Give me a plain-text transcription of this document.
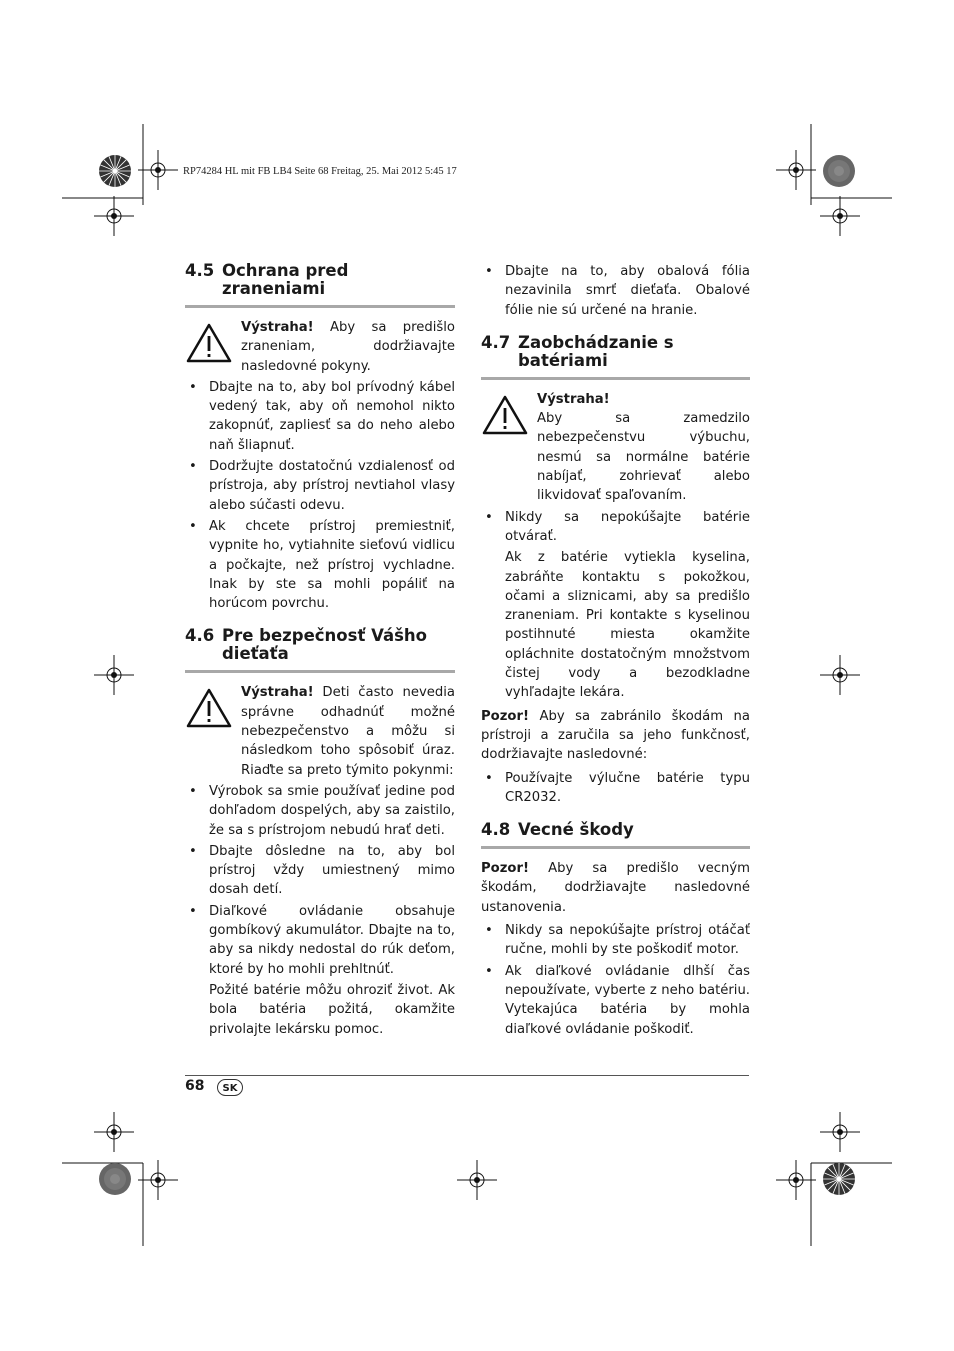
RP74284 HL mit FB LB4 Seite 68 Freitag, 25. Mai 2012 5:45 17
4.5 Ochrana pred zraneniami
Výstraha! Aby sa predišlo zraneniam, dodržiavajte nasledovné pokyny.
• Dbajte na to, aby bol prívodný kábel vedený tak, aby oň nemohol nikto zakopnúť, zapliesť sa do neho alebo naň šliapnuť.
• Dodržujte dostatočnú vzdialenosť od prístroja, aby prístroj nevtiahol vlasy alebo súčasti odevu.
• Ak chcete prístroj premiestniť, vypnite ho, vytiahnite sieťovú vidlicu a počkajte, než prístroj vychladne. Inak by ste sa mohli popáliť na horúcom povrchu.
4.6 Pre bezpečnosť Vášho dieťaťa
Výstraha! Deti často nevedia správne odhadnúť možné nebezpečenstvo a môžu si následkom toho spôsobiť úraz. Riaďte sa preto týmito pokynmi:
• Výrobok sa smie používať jedine pod dohľadom dospelých, aby sa zaistilo, že sa s prístrojom nebudú hrať deti.
• Dbajte dôsledne na to, aby bol prístroj vždy umiestnený mimo dosah detí.
• Diaľkové ovládanie obsahuje gombíkový akumulátor. Dbajte na to, aby sa nikdy nedostal do rúk deťom, ktoré by ho mohli prehltnúť.

Požité batérie môžu ohroziť život. Ak bola batéria požitá, okamžite privolajte lekársku pomoc.

• Dbajte na to, aby obalová fólia nezavinila smrť dieťaťa. Obalové fólie nie sú určené na hranie.
4.7 Zaobchádzanie s batériami
Výstraha!
Aby sa zamedzilo nebezpečenstvu výbuchu, nesmú sa normálne batérie nabíjať, zohrievať alebo likvidovať spaľovaním.
• Nikdy sa nepokúšajte batérie otvárať.

Ak z batérie vytiekla kyselina, zabráňte kontaktu s pokožkou, očami a sliznicami, aby sa predišlo zraneniam. Pri kontakte s kyselinou postihnuté miesta okamžite opláchnite dostatočným množstvom čistej vody a bezodkladne vyhľadajte lekára.

Pozor! Aby sa zabránilo škodám na prístroji a zaručila sa jeho funkčnosť, dodržiavajte nasledovné:

• Používajte výlučne batérie typu CR2032.
4.8 Vecné škody

Pozor! Aby sa predišlo vecným škodám, dodržiavajte nasledovné ustanovenia.

• Nikdy sa nepokúšajte prístroj otáčať ručne, mohli by ste poškodiť motor.
• Ak diaľkové ovládanie dlhší čas nepoužívate, vyberte z neho batériu. Vytekajúca batéria by mohla diaľkové ovládanie poškodiť.
68	SK
